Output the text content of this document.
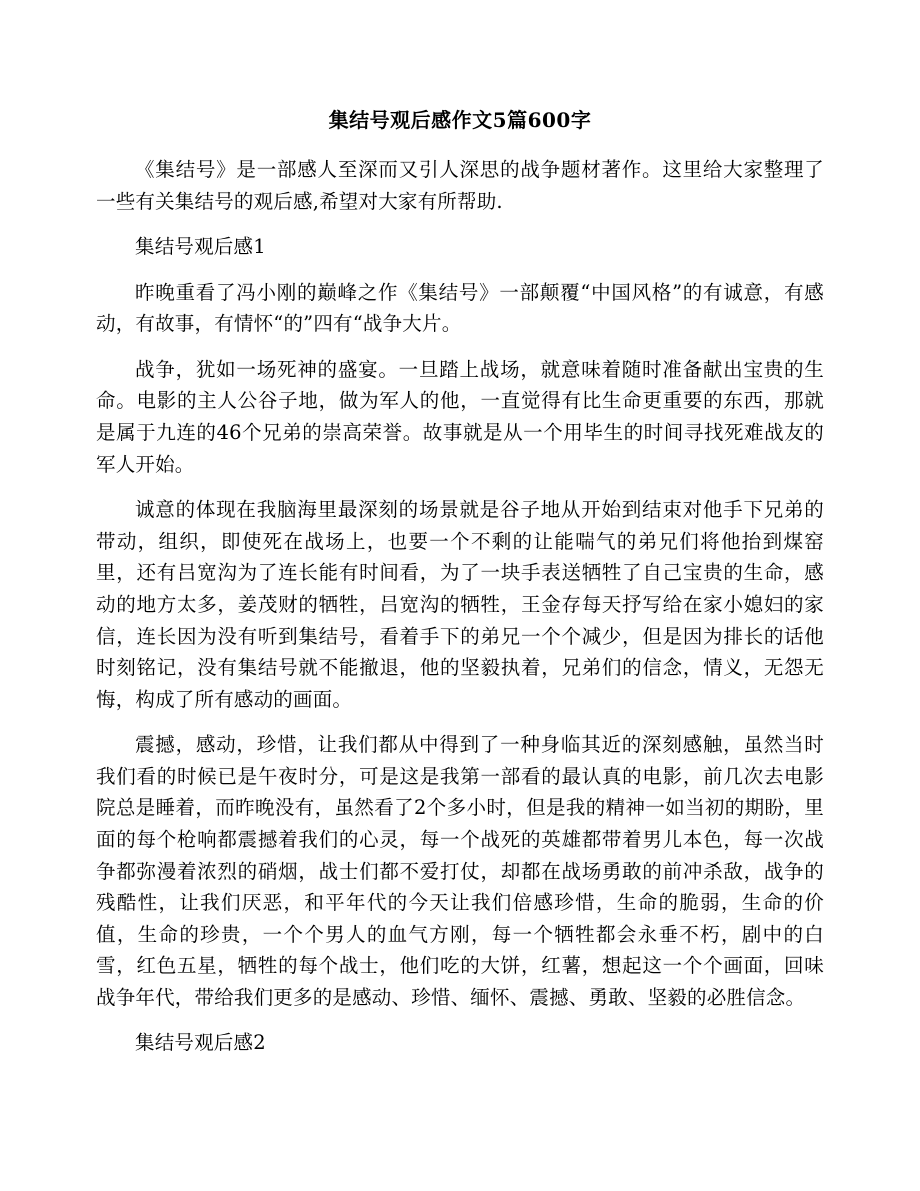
集结号观后感作文5篇600字

《集结号》是一部感人至深而又引人深思的战争题材著作。这里给大家整理了一些有关集结号的观后感,希望对大家有所帮助.

集结号观后感1

昨晚重看了冯小刚的巅峰之作《集结号》一部颠覆“中国风格”的有诚意，有感动，有故事，有情怀“的”四有“战争大片。

战争，犹如一场死神的盛宴。一旦踏上战场，就意味着随时准备献出宝贵的生命。电影的主人公谷子地，做为军人的他，一直觉得有比生命更重要的东西，那就是属于九连的46个兄弟的崇高荣誉。故事就是从一个用毕生的时间寻找死难战友的军人开始。

诚意的体现在我脑海里最深刻的场景就是谷子地从开始到结束对他手下兄弟的带动，组织，即使死在战场上，也要一个不剩的让能喘气的弟兄们将他抬到煤窑里，还有吕宽沟为了连长能有时间看，为了一块手表送牺牲了自己宝贵的生命，感动的地方太多，姜茂财的牺牲，吕宽沟的牺牲，王金存每天抒写给在家小媳妇的家信，连长因为没有听到集结号，看着手下的弟兄一个个减少，但是因为排长的话他时刻铭记，没有集结号就不能撤退，他的坚毅执着，兄弟们的信念，情义，无怨无悔，构成了所有感动的画面。

震撼，感动，珍惜，让我们都从中得到了一种身临其近的深刻感触，虽然当时我们看的时候已是午夜时分，可是这是我第一部看的最认真的电影，前几次去电影院总是睡着，而昨晚没有，虽然看了2个多小时，但是我的精神一如当初的期盼，里面的每个枪响都震撼着我们的心灵，每一个战死的英雄都带着男儿本色，每一次战争都弥漫着浓烈的硝烟，战士们都不爱打仗，却都在战场勇敢的前冲杀敌，战争的残酷性，让我们厌恶，和平年代的今天让我们倍感珍惜，生命的脆弱，生命的价值，生命的珍贵，一个个男人的血气方刚，每一个牺牲都会永垂不朽，剧中的白雪，红色五星，牺牲的每个战士，他们吃的大饼，红薯，想起这一个个画面，回味战争年代，带给我们更多的是感动、珍惜、缅怀、震撼、勇敢、坚毅的必胜信念。

集结号观后感2
